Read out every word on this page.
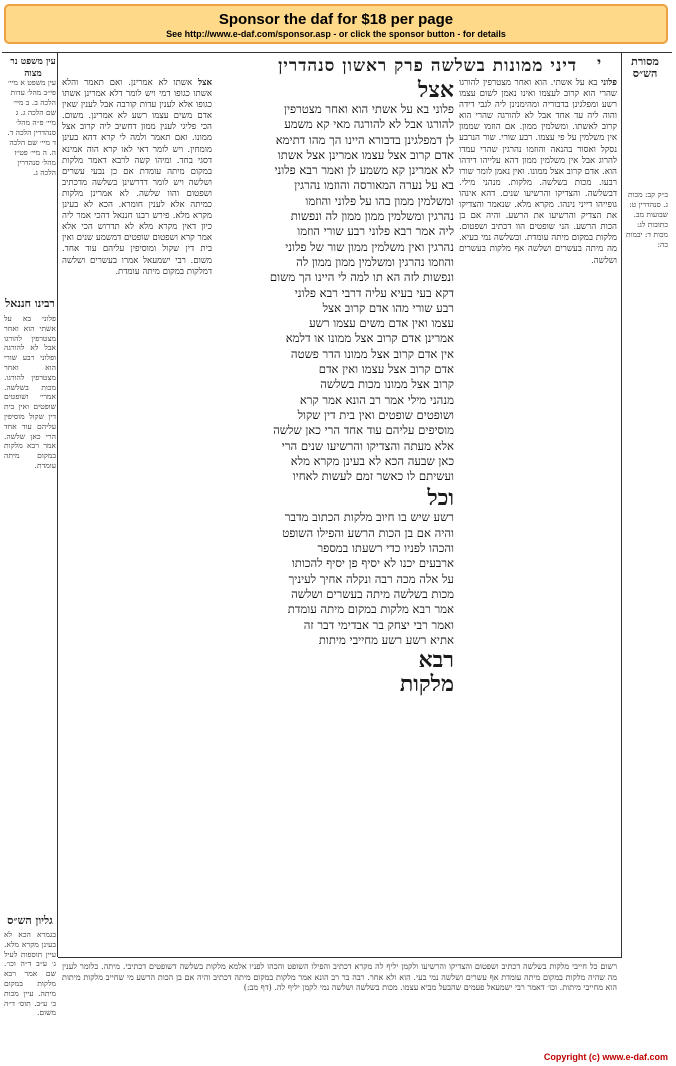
Sponsor the daf for $18 per page
See http://www.e-daf.com/sponsor.asp - or click the sponsor button - for details
דיני ממונות בשלשה פרק ראשון סנהדרין י	מסורת הש״ס
עין משפט נר מצוה
ב״ק קב: מכות ג. סנהדרין ט: שבועות מב. כתובות לג: מכות ד: יבמות כה:
עין משפט א מיי׳ פי״ב מהל׳ עדות הלכה ב. ב מיי׳ שם הלכה ג. ג מיי׳ פ״ה מהל׳ סנהדרין הלכה ד. ד מיי׳ שם הלכה ה. ה מיי׳ פט״ז מהל׳ סנהדרין הלכה ג.
רבינו חננאל
פלוני בא על אשתי הוא ואחר מצטרפין להורגו אבל לא להורגה ופלוני רבע שורי הוא ואחר מצטרפין להורגו. מכות בשלשה. אמרי׳ ושופטים שופטים ואין בית דין שקול מוסיפין עליהם עוד אחד הרי כאן שלשה. אמר רבא מלקות במקום מיתה עומדת.
גליון הש״ס
בגמרא הכא לא בעינן מקרא מלא. עיין תוספות לעיל ג׳ ע״ב ד״ה וכו׳. שם אמר רבא מלקות במקום מיתה. עיין מכות ב׳ ע״ב. תוס׳ ד״ה משום.
פלוני בא על אשתי. הוא ואחר מצטרפין להורגו שהרי הוא קרוב לעצמו ואינו נאמן לשום עצמו רשע ומפלגינן בדבוריה ומהימנינן ליה לגבי דידה והוה ליה עד אחד אבל לא להורגה שהרי הוא קרוב לאשתו. ומשלמין ממון. אם הוזמו שממון אין משלמין על פי עצמו. רבע שורי. שור הנרבע נסקל ואסור בהנאה והוזמו נהרגין שהרי עמדו להרוג אבל אין משלמין ממון דהא עלייהו דידהו הוא. אדם קרוב אצל ממונו. ואין נאמן לומר שורו רבעו. מכות בשלשה. מלקות. מנהני מילי. דבשלשה. והצדיקו והרשיעו שנים. דהא אינהו גופייהו דייני נינהו. מקרא מלא. שנאמר והצדיקו את הצדיק והרשיעו את הרשע. והיה אם בן הכות הרשע. הני שופטים הוו דכתיב ושפטום. מלקות במקום מיתה עומדת. ובשלשה נמי בעיא. מה מיתה בעשרים ושלשה אף מלקות בעשרים ושלשה.
אצל אשתו לא אמרינן. ואם תאמר והלא אשתו כגופו דמי ויש לומר דלא אמרינן אשתו כגופו אלא לענין עדות קורבה אבל לענין שאין אדם משים עצמו רשע לא אמרינן. משום. הכי פליגי לענין ממון דחשיב ליה קרוב אצל ממונו. ואם תאמר ולמה לי קרא דהא בעינן מומחין. ויש לומר דאי לאו קרא הוה אמינא דסגי בחד. ומיהו קשה לרבא דאמר מלקות במקום מיתה עומדת אם כן נבעי עשרים ושלשה ויש לומר דדרשינן בשלשה מדכתיב ושפטום והוו שלשה. לא אמרינן מלקות כמיתה אלא לענין חומרא. הכא לא בעינן מקרא מלא. פירש רבנו חננאל דהכי אמר ליה כיון דאין מקרא מלא לא תדרוש הכי אלא אמר קרא ושפטום שופטים דמשמע שנים ואין בית דין שקול ומוסיפין עליהם עוד אחד. משום. רבי ישמעאל אמרו בעשרים ושלשה דמלקות במקום מיתה עומדת.
אצל
פלוני בא על אשתי הוא ואחר מצטרפין
להורגו אבל לא להורגה מאי קא משמע
לן דמפלגינן בדבורא היינו הך מהו דתימא
אדם קרוב אצל עצמו אמרינן אצל אשתו
לא אמרינן קא משמע לן ואמר רבא פלוני
בא על נערה המאורסה והוזמו נהרגין
ומשלמין ממון בהו על פלוני והוזמו
נהרגין ומשלמין ממון ממון לה ונפשות
ליה אמר רבא פלוני רבע שורי הוזמו
נהרגין ואין משלמין ממון שור של פלוני
והוזמו נהרגין ומשלמין ממון ממון לה
ונפשות לזה הא תו למה לי היינו הך משום
דקא בעי בעיא עליה דרבי רבא פלוני
רבע שורי מהו אדם קרוב אצל
עצמו ואין אדם משים עצמו רשע
אמרינן אדם קרוב אצל ממונו או דלמא
אין אדם קרוב אצל ממונו הדר פשטה
אדם קרוב אצל עצמו ואין אדם
קרוב אצל ממונו מכות בשלשה
מנהני מילי אמר רב הונא אמר קרא
ושופטים שופטים ואין בית דין שקול
מוסיפים עליהם עוד אחד הרי כאן שלשה
אלא מעתה והצדיקו והרשיעו שנים הרי
כאן שבעה הכא לא בעינן מקרא מלא
ועשיתם לו כאשר זמם לעשות לאחיו
וכל
רשע שיש בו חיוב מלקות הכתוב מדבר
והיה אם בן הכות הרשע והפילו השופט
והכהו לפניו כדי רשעתו במספר
ארבעים יכנו לא יסיף פן יסיף להכותו
על אלה מכה רבה ונקלה אחיך לעיניך
מכות בשלשה מיתה בעשרים ושלשה
אמר רבא מלקות במקום מיתה עומדת
ואמר רבי יצחק בר אבדימי דבר זה
אתיא רשע רשע מחייבי מיתות
רבא
מלקות
רשום כל חייבי מלקות בשלשה דכתיב ושפטום והצדיקו והרשיעו ולקמן יליף לה מקרא דכתיב והפילו השופט והכהו לפניו אלמא מלקות בשלשה דשופטים דכתיבי. מיתה. כלומר לענין מה שהיה מלקות במקום מיתה עומדת אף עשרים ושלשה נמי בעי. הוא ולא אחר. רבה בר רב הונא אמר מלקות במקום מיתה דכתיב והיה אם בן הכות הרשע מי שחייב מלקות מיתות הוא מחייבי מיתות. וכו׳ דאמר רבי ישמעאל פעמים שהבעל מביא עצמו. מכות בשלשה ושלשה נמי לקמן יליף לה. (דף מב:)
Copyright (c) www.e-daf.com
